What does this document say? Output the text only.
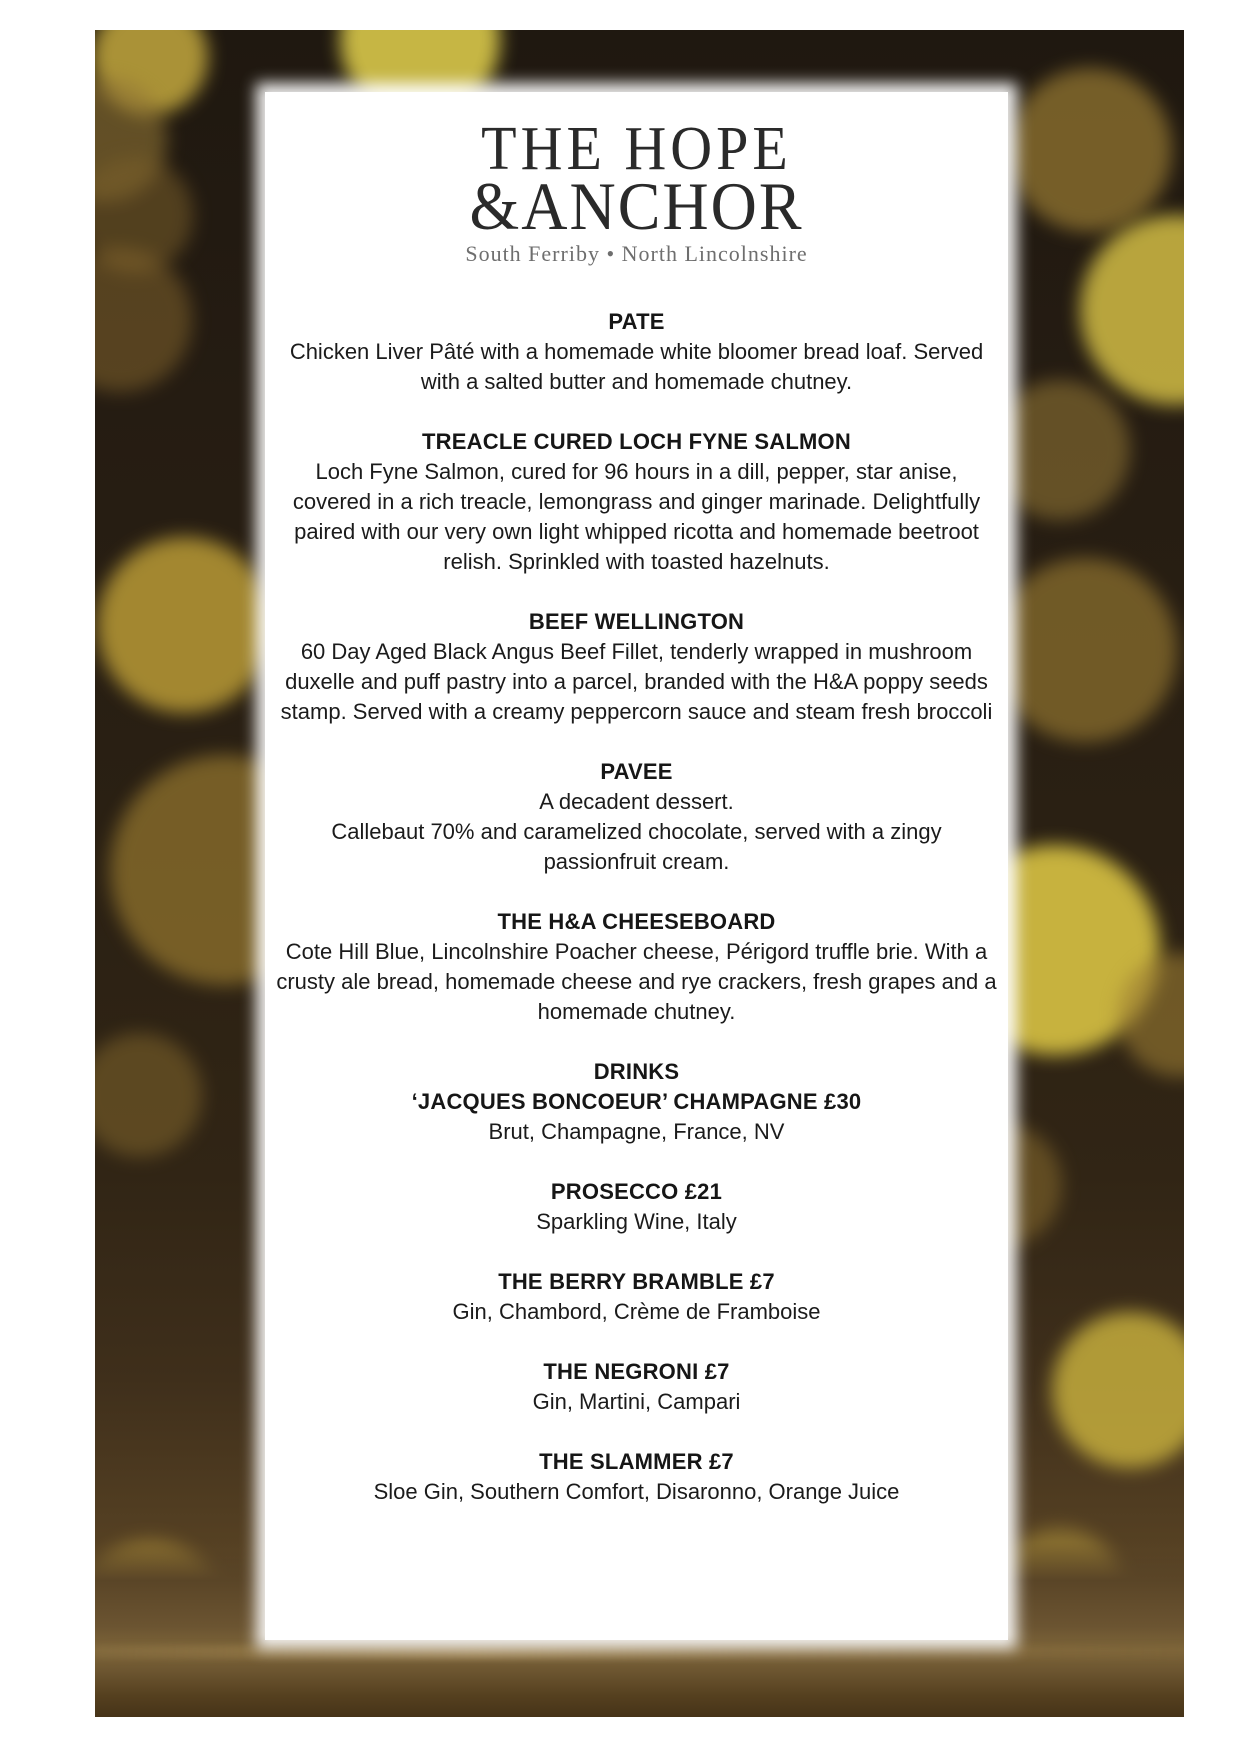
THE HOPE
&ANCHOR
South Ferriby • North Lincolnshire
PATE

Chicken Liver Pâté with a homemade white bloomer bread loaf. Served with a salted butter and homemade chutney.

TREACLE CURED LOCH FYNE SALMON

Loch Fyne Salmon, cured for 96 hours in a dill, pepper, star anise, covered in a rich treacle, lemongrass and ginger marinade. Delightfully paired with our very own light whipped ricotta and homemade beetroot relish. Sprinkled with toasted hazelnuts.

BEEF WELLINGTON

60 Day Aged Black Angus Beef Fillet, tenderly wrapped in mushroom duxelle and puff pastry into a parcel, branded with the H&A poppy seeds stamp. Served with a creamy peppercorn sauce and steam fresh broccoli

PAVEE

A decadent dessert.

Callebaut 70% and caramelized chocolate, served with a zingy passionfruit cream.

THE H&A CHEESEBOARD

Cote Hill Blue, Lincolnshire Poacher cheese, Périgord truffle brie. With a crusty ale bread, homemade cheese and rye crackers, fresh grapes and a homemade chutney.

DRINKS
‘JACQUES BONCOEUR’ CHAMPAGNE £30

Brut, Champagne, France, NV

PROSECCO £21

Sparkling Wine, Italy

THE BERRY BRAMBLE £7

Gin, Chambord, Crème de Framboise

THE NEGRONI £7

Gin, Martini, Campari

THE SLAMMER £7

Sloe Gin, Southern Comfort, Disaronno, Orange Juice
